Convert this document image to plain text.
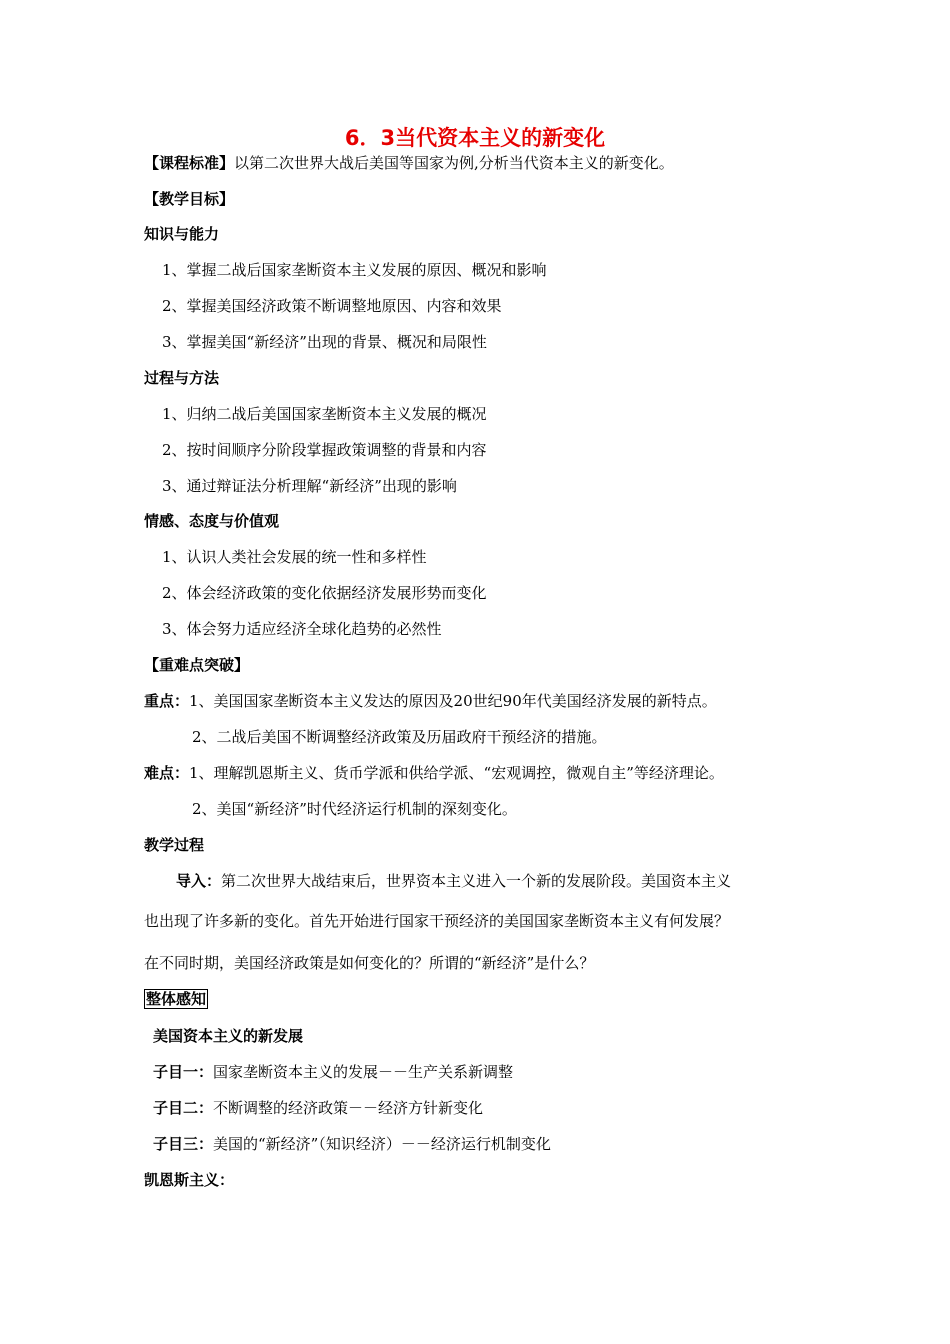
6．3当代资本主义的新变化
【课程标准】以第二次世界大战后美国等国家为例,分析当代资本主义的新变化。
【教学目标】
知识与能力
1、掌握二战后国家垄断资本主义发展的原因、概况和影响
2、掌握美国经济政策不断调整地原因、内容和效果
3、掌握美国“新经济”出现的背景、概况和局限性
过程与方法
1、归纳二战后美国国家垄断资本主义发展的概况
2、按时间顺序分阶段掌握政策调整的背景和内容
3、通过辩证法分析理解“新经济”出现的影响
情感、态度与价值观
1、认识人类社会发展的统一性和多样性
2、体会经济政策的变化依据经济发展形势而变化
3、体会努力适应经济全球化趋势的必然性
【重难点突破】
重点：1、美国国家垄断资本主义发达的原因及20世纪90年代美国经济发展的新特点。
2、二战后美国不断调整经济政策及历届政府干预经济的措施。
难点：1、理解凯恩斯主义、货币学派和供给学派、“宏观调控，微观自主”等经济理论。
2、美国“新经济”时代经济运行机制的深刻变化。
教学过程
导入：第二次世界大战结束后，世界资本主义进入一个新的发展阶段。美国资本主义
也出现了许多新的变化。首先开始进行国家干预经济的美国国家垄断资本主义有何发展？
在不同时期，美国经济政策是如何变化的？所谓的“新经济”是什么？
整体感知
美国资本主义的新发展
子目一：国家垄断资本主义的发展－－生产关系新调整
子目二：不断调整的经济政策－－经济方针新变化
子目三：美国的“新经济”（知识经济）－－经济运行机制变化
凯恩斯主义：
